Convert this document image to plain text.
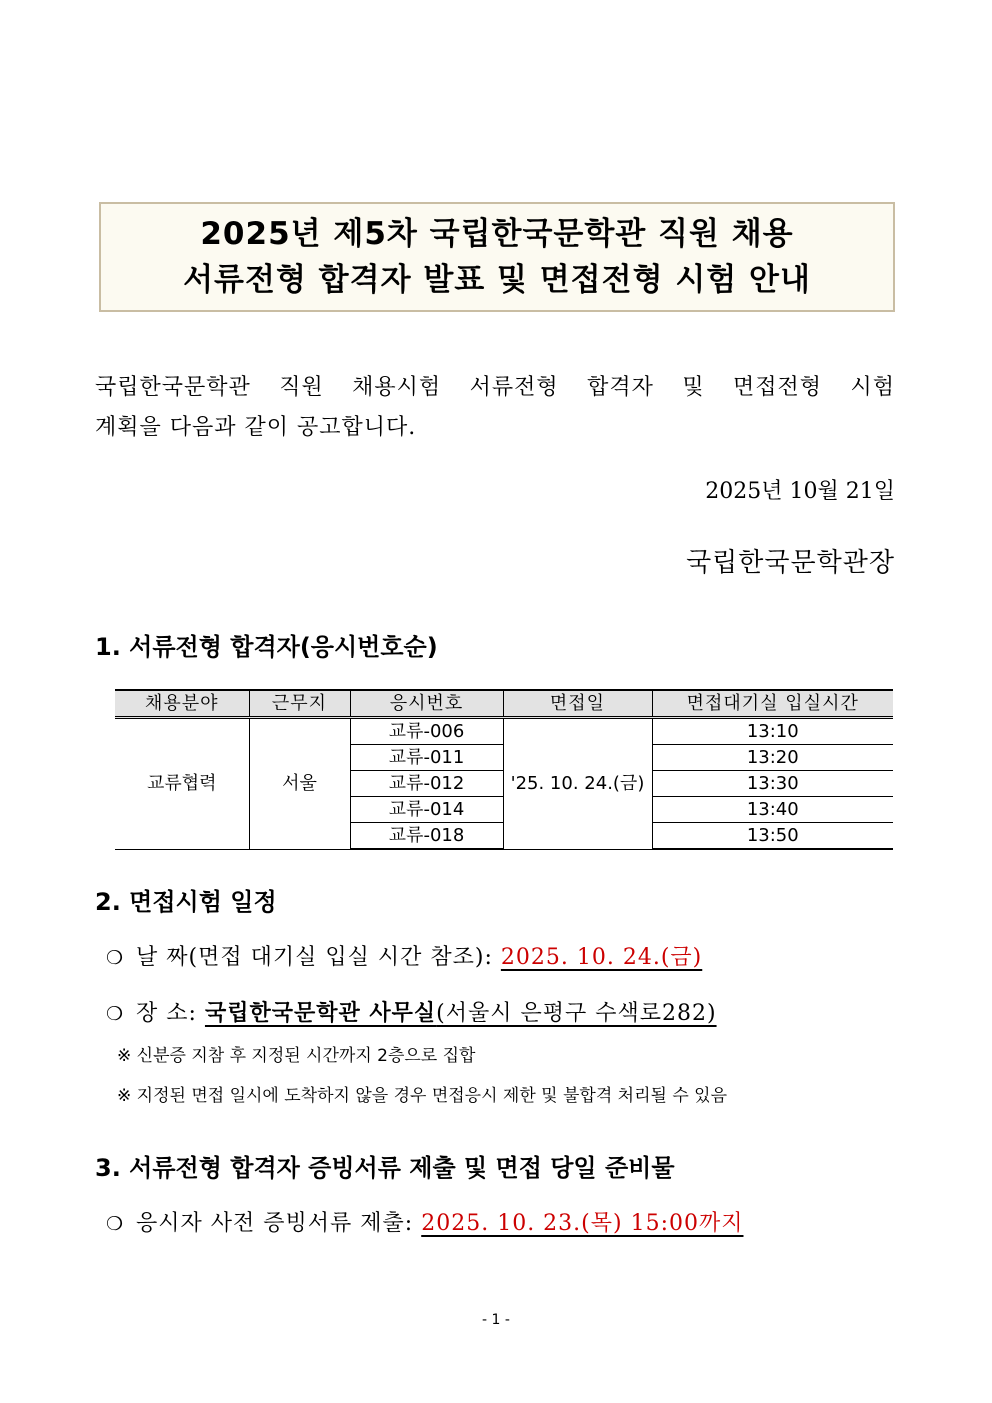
2025년 제5차 국립한국문학관 직원 채용
서류전형 합격자 발표 및 면접전형 시험 안내
국립한국문학관 직원 채용시험 서류전형 합격자 및 면접전형 시험
계획을 다음과 같이 공고합니다.
2025년 10월 21일
국립한국문학관장
1. 서류전형 합격자(응시번호순)
채용분야	근무지	응시번호	면접일	면접대기실 입실시간
교류협력	서울	교류-006	'25. 10. 24.(금)	13:10
		교류-011		13:20
		교류-012		13:30
		교류-014		13:40
		교류-018		13:50
2. 면접시험 일정
❍ 날 짜(면접 대기실 입실 시간 참조): 2025. 10. 24.(금)
❍ 장 소: 국립한국문학관 사무실(서울시 은평구 수색로282)
※ 신분증 지참 후 지정된 시간까지 2층으로 집합
※ 지정된 면접 일시에 도착하지 않을 경우 면접응시 제한 및 불합격 처리될 수 있음
3. 서류전형 합격자 증빙서류 제출 및 면접 당일 준비물
❍ 응시자 사전 증빙서류 제출: 2025. 10. 23.(목) 15:00까지
- 1 -
